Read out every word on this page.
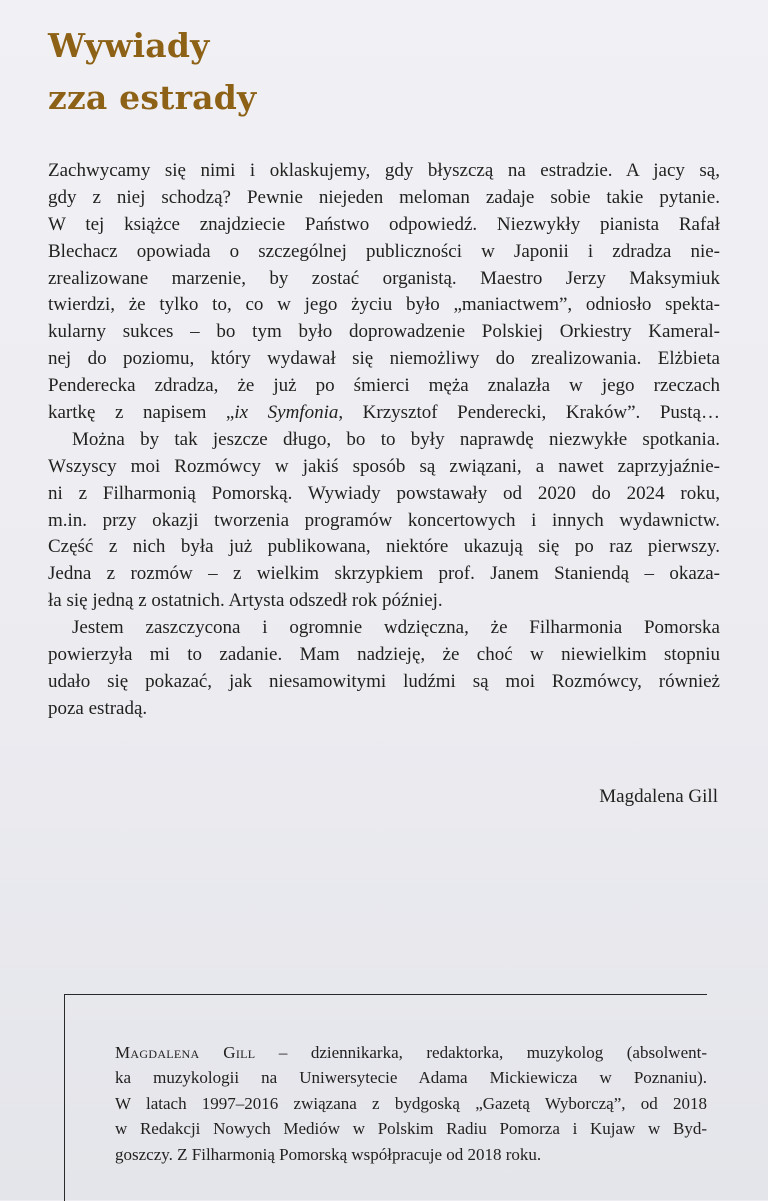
Wywiady
zza estrady
Zachwycamy się nimi i oklaskujemy, gdy błyszczą na estradzie. A jacy są,
gdy z niej schodzą? Pewnie niejeden meloman zadaje sobie takie pytanie.
W tej książce znajdziecie Państwo odpowiedź. Niezwykły pianista Rafał
Blechacz opowiada o szczególnej publiczności w Japonii i zdradza nie-
zrealizowane marzenie, by zostać organistą. Maestro Jerzy Maksymiuk
twierdzi, że tylko to, co w jego życiu było „maniactwem”, odniosło spekta-
kularny sukces – bo tym było doprowadzenie Polskiej Orkiestry Kameral-
nej do poziomu, który wydawał się niemożliwy do zrealizowania. Elżbieta
Penderecka zdradza, że już po śmierci męża znalazła w jego rzeczach
kartkę z napisem „ix Symfonia, Krzysztof Penderecki, Kraków”. Pustą…
Można by tak jeszcze długo, bo to były naprawdę niezwykłe spotkania.
Wszyscy moi Rozmówcy w jakiś sposób są związani, a nawet zaprzyjaźnie-
ni z Filharmonią Pomorską. Wywiady powstawały od 2020 do 2024 roku,
m.in. przy okazji tworzenia programów koncertowych i innych wydawnictw.
Część z nich była już publikowana, niektóre ukazują się po raz pierwszy.
Jedna z rozmów – z wielkim skrzypkiem prof. Janem Staniendą – okaza-
ła się jedną z ostatnich. Artysta odszedł rok później.
Jestem zaszczycona i ogromnie wdzięczna, że Filharmonia Pomorska
powierzyła mi to zadanie. Mam nadzieję, że choć w niewielkim stopniu
udało się pokazać, jak niesamowitymi ludźmi są moi Rozmówcy, również
poza estradą.
Magdalena Gill
Magdalena Gill – dziennikarka, redaktorka, muzykolog (absolwent-
ka muzykologii na Uniwersytecie Adama Mickiewicza w Poznaniu).
W latach 1997–2016 związana z bydgoską „Gazetą Wyborczą”, od 2018
w Redakcji Nowych Mediów w Polskim Radiu Pomorza i Kujaw w Byd-
goszczy. Z Filharmonią Pomorską współpracuje od 2018 roku.
